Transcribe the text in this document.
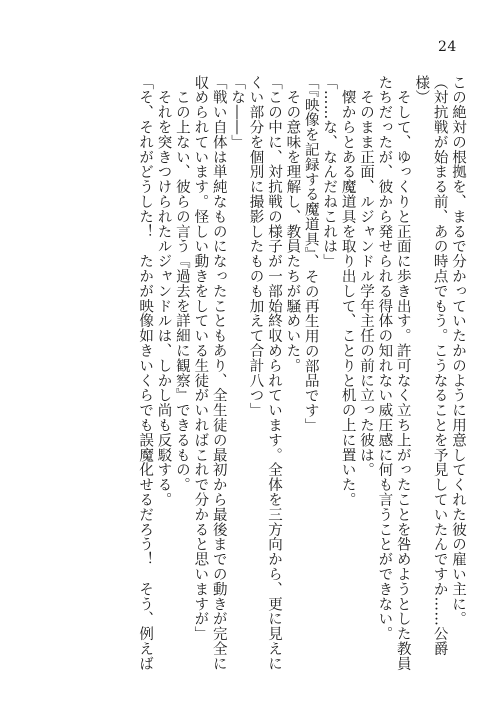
24
この絶対の根拠を、まるで分かっていたかのように用意してくれた彼の雇い主に。
（対抗戦が始まる前、あの時点でもう。こうなることを予見していたんですか……公爵
様）
　そして、ゆっくりと正面に歩き出す。許可なく立ち上がったことを咎めようとした教員
たちだったが、彼から発せられる得体の知れない威圧感に何も言うことができない。
　そのまま正面、ルジャンドル学年主任の前に立った彼は。
　懐からとある魔道具を取り出して、ことりと机の上に置いた。
「……な、なんだねこれは」
「『映像を記録する魔道具』、その再生用の部品です」
　その意味を理解し、教員たちが騒めいた。
「この中に、対抗戦の様子が一部始終収められています。全体を三方向から、更に見えに
くい部分を個別に撮影したものも加えて合計八つ」
「な――」
「戦い自体は単純なものになったこともあり、全生徒の最初から最後までの動きが完全に
収められています。怪しい動きをしている生徒がいればこれで分かると思いますが」
　この上ない、彼らの言う『過去を詳細に観察』できるもの。
　それを突きつけられたルジャンドルは、しかし尚も反駁する。
「そ、それがどうした！　たかが映像如きいくらでも誤魔化せるだろう！　そう、例えば
